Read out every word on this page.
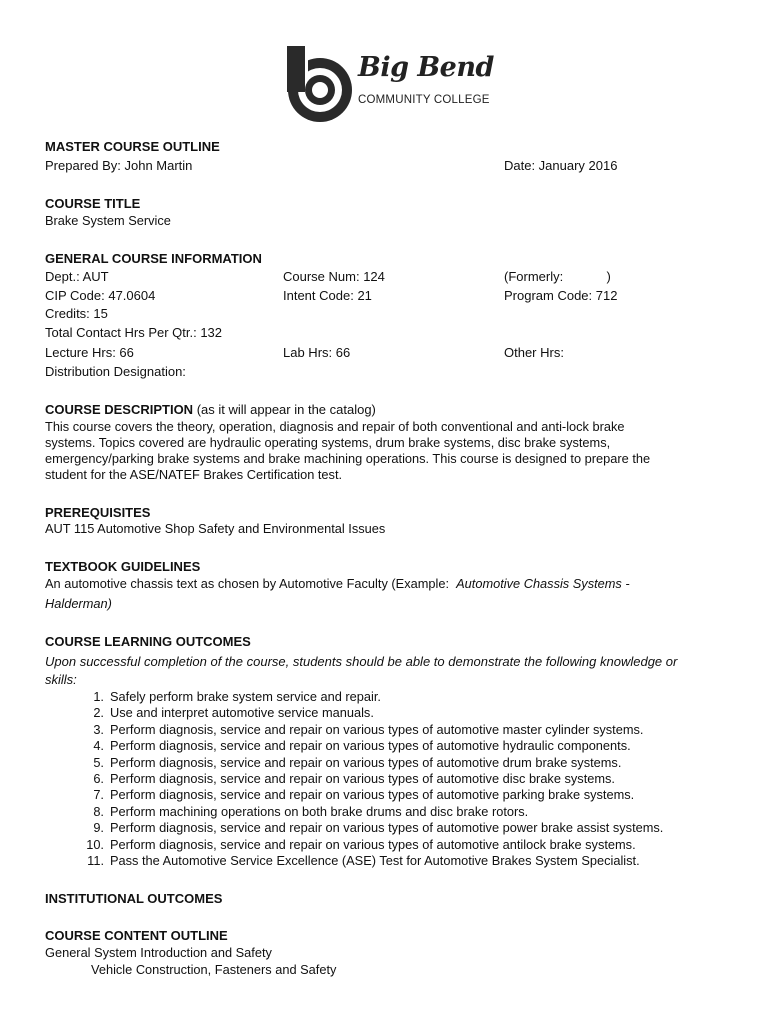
Big Bend
COMMUNITY COLLEGE
MASTER COURSE OUTLINE
Prepared By: John Martin	Date: January 2016
COURSE TITLE
Brake System Service
GENERAL COURSE INFORMATION
Dept.: AUT	Course Num: 124	(Formerly:            )
CIP Code: 47.0604	Intent Code: 21	Program Code: 712
Credits: 15
Total Contact Hrs Per Qtr.: 132
Lecture Hrs: 66	Lab Hrs: 66	Other Hrs:
Distribution Designation:
COURSE DESCRIPTION (as it will appear in the catalog)
This course covers the theory, operation, diagnosis and repair of both conventional and anti-lock brake
systems. Topics covered are hydraulic operating systems, drum brake systems, disc brake systems,
emergency/parking brake systems and brake machining operations. This course is designed to prepare the
student for the ASE/NATEF Brakes Certification test.
PREREQUISITES
AUT 115 Automotive Shop Safety and Environmental Issues
TEXTBOOK GUIDELINES
An automotive chassis text as chosen by Automotive Faculty (Example:  Automotive Chassis Systems -
Halderman)
COURSE LEARNING OUTCOMES
Upon successful completion of the course, students should be able to demonstrate the following knowledge or
skills:
1. Safely perform brake system service and repair.
2. Use and interpret automotive service manuals.
3. Perform diagnosis, service and repair on various types of automotive master cylinder systems.
4. Perform diagnosis, service and repair on various types of automotive hydraulic components.
5. Perform diagnosis, service and repair on various types of automotive drum brake systems.
6. Perform diagnosis, service and repair on various types of automotive disc brake systems.
7. Perform diagnosis, service and repair on various types of automotive parking brake systems.
8. Perform machining operations on both brake drums and disc brake rotors.
9. Perform diagnosis, service and repair on various types of automotive power brake assist systems.
10. Perform diagnosis, service and repair on various types of automotive antilock brake systems.
11. Pass the Automotive Service Excellence (ASE) Test for Automotive Brakes System Specialist.
INSTITUTIONAL OUTCOMES
COURSE CONTENT OUTLINE
General System Introduction and Safety
Vehicle Construction, Fasteners and Safety
